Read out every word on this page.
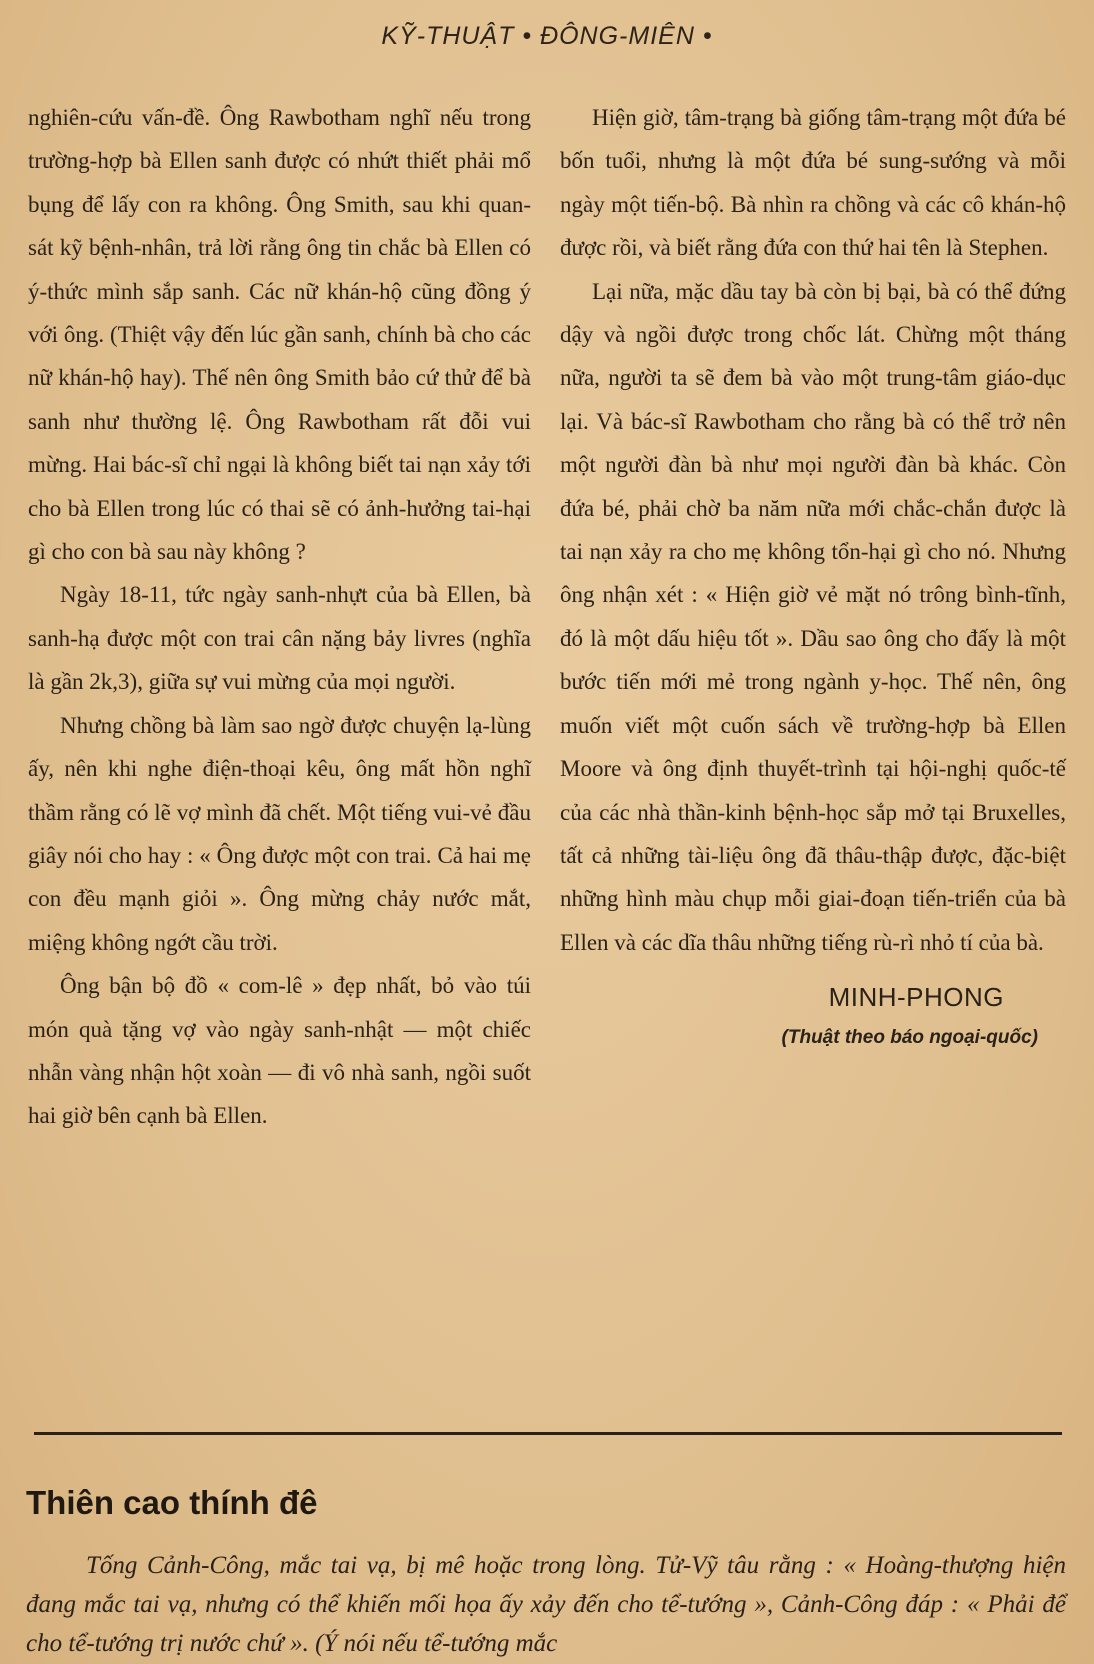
KỸ-THUẬT • ĐÔNG-MIÊN •

nghiên-cứu vấn-đề. Ông Rawbotham nghĩ nếu trong trường-hợp bà Ellen sanh được có nhứt thiết phải mổ bụng để lấy con ra không. Ông Smith, sau khi quan-sát kỹ bệnh-nhân, trả lời rằng ông tin chắc bà Ellen có ý-thức mình sắp sanh. Các nữ khán-hộ cũng đồng ý với ông. (Thiệt vậy đến lúc gần sanh, chính bà cho các nữ khán-hộ hay). Thế nên ông Smith bảo cứ thử để bà sanh như thường lệ. Ông Rawbotham rất đỗi vui mừng. Hai bác-sĩ chỉ ngại là không biết tai nạn xảy tới cho bà Ellen trong lúc có thai sẽ có ảnh-hưởng tai-hại gì cho con bà sau này không ?

Ngày 18-11, tức ngày sanh-nhựt của bà Ellen, bà sanh-hạ được một con trai cân nặng bảy livres (nghĩa là gần 2k,3), giữa sự vui mừng của mọi người.

Nhưng chồng bà làm sao ngờ được chuyện lạ-lùng ấy, nên khi nghe điện-thoại kêu, ông mất hồn nghĩ thầm rằng có lẽ vợ mình đã chết. Một tiếng vui-vẻ đầu giây nói cho hay : « Ông được một con trai. Cả hai mẹ con đều mạnh giỏi ». Ông mừng chảy nước mắt, miệng không ngớt cầu trời.

Ông bận bộ đồ « com-lê » đẹp nhất, bỏ vào túi món quà tặng vợ vào ngày sanh-nhật — một chiếc nhẫn vàng nhận hột xoàn — đi vô nhà sanh, ngồi suốt hai giờ bên cạnh bà Ellen.

Hiện giờ, tâm-trạng bà giống tâm-trạng một đứa bé bốn tuổi, nhưng là một đứa bé sung-sướng và mỗi ngày một tiến-bộ. Bà nhìn ra chồng và các cô khán-hộ được rồi, và biết rằng đứa con thứ hai tên là Stephen.

Lại nữa, mặc dầu tay bà còn bị bại, bà có thể đứng dậy và ngồi được trong chốc lát. Chừng một tháng nữa, người ta sẽ đem bà vào một trung-tâm giáo-dục lại. Và bác-sĩ Rawbotham cho rằng bà có thể trở nên một người đàn bà như mọi người đàn bà khác. Còn đứa bé, phải chờ ba năm nữa mới chắc-chắn được là tai nạn xảy ra cho mẹ không tổn-hại gì cho nó. Nhưng ông nhận xét : « Hiện giờ vẻ mặt nó trông bình-tĩnh, đó là một dấu hiệu tốt ». Dầu sao ông cho đấy là một bước tiến mới mẻ trong ngành y-học. Thế nên, ông muốn viết một cuốn sách về trường-hợp bà Ellen Moore và ông định thuyết-trình tại hội-nghị quốc-tế của các nhà thần-kinh bệnh-học sắp mở tại Bruxelles, tất cả những tài-liệu ông đã thâu-thập được, đặc-biệt những hình màu chụp mỗi giai-đoạn tiến-triển của bà Ellen và các dĩa thâu những tiếng rù-rì nhỏ tí của bà.

MINH-PHONG
(Thuật theo báo ngoại-quốc)
Thiên cao thính đê
Tống Cảnh-Công, mắc tai vạ, bị mê hoặc trong lòng. Tử-Vỹ tâu rằng : « Hoàng-thượng hiện đang mắc tai vạ, nhưng có thể khiến mối họa ấy xảy đến cho tể-tướng », Cảnh-Công đáp : « Phải để cho tể-tướng trị nước chứ ». (Ý nói nếu tể-tướng mắc
